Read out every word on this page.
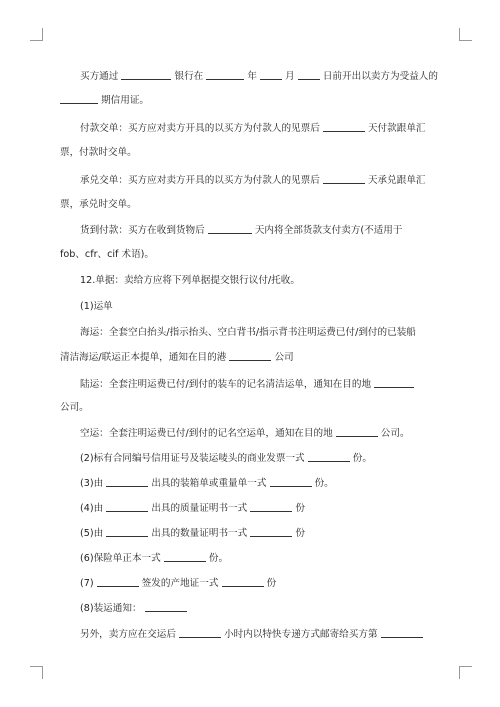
买方通过	银行在	年	月	日前开出以卖方为受益人的
期信用证。
付款交单：买方应对卖方开具的以买方为付款人的见票后	天付款跟单汇
票，付款时交单。
承兑交单：买方应对卖方开具的以买方为付款人的见票后	天承兑跟单汇
票，承兑时交单。
货到付款：买方在收到货物后	天内将全部货款支付卖方(不适用于
fob、cfr、cif 术语)。
12.单据：卖给方应将下列单据提交银行议付/托收。
(1)运单
海运：全套空白抬头/指示抬头、空白背书/指示背书注明运费已付/到付的已装船
清洁海运/联运正本提单，通知在目的港	公司
陆运：全套注明运费已付/到付的装车的记名清洁运单，通知在目的地
公司。
空运：全套注明运费已付/到付的记名空运单，通知在目的地	公司。
(2)标有合同编号信用证号及装运唛头的商业发票一式	份。
(3)由	出具的装箱单或重量单一式	份。
(4)由	出具的质量证明书一式	份
(5)由	出具的数量证明书一式	份
(6)保险单正本一式	份。
(7)	签发的产地证一式	份
(8)装运通知：
另外，卖方应在交运后	小时内以特快专递方式邮寄给买方第
